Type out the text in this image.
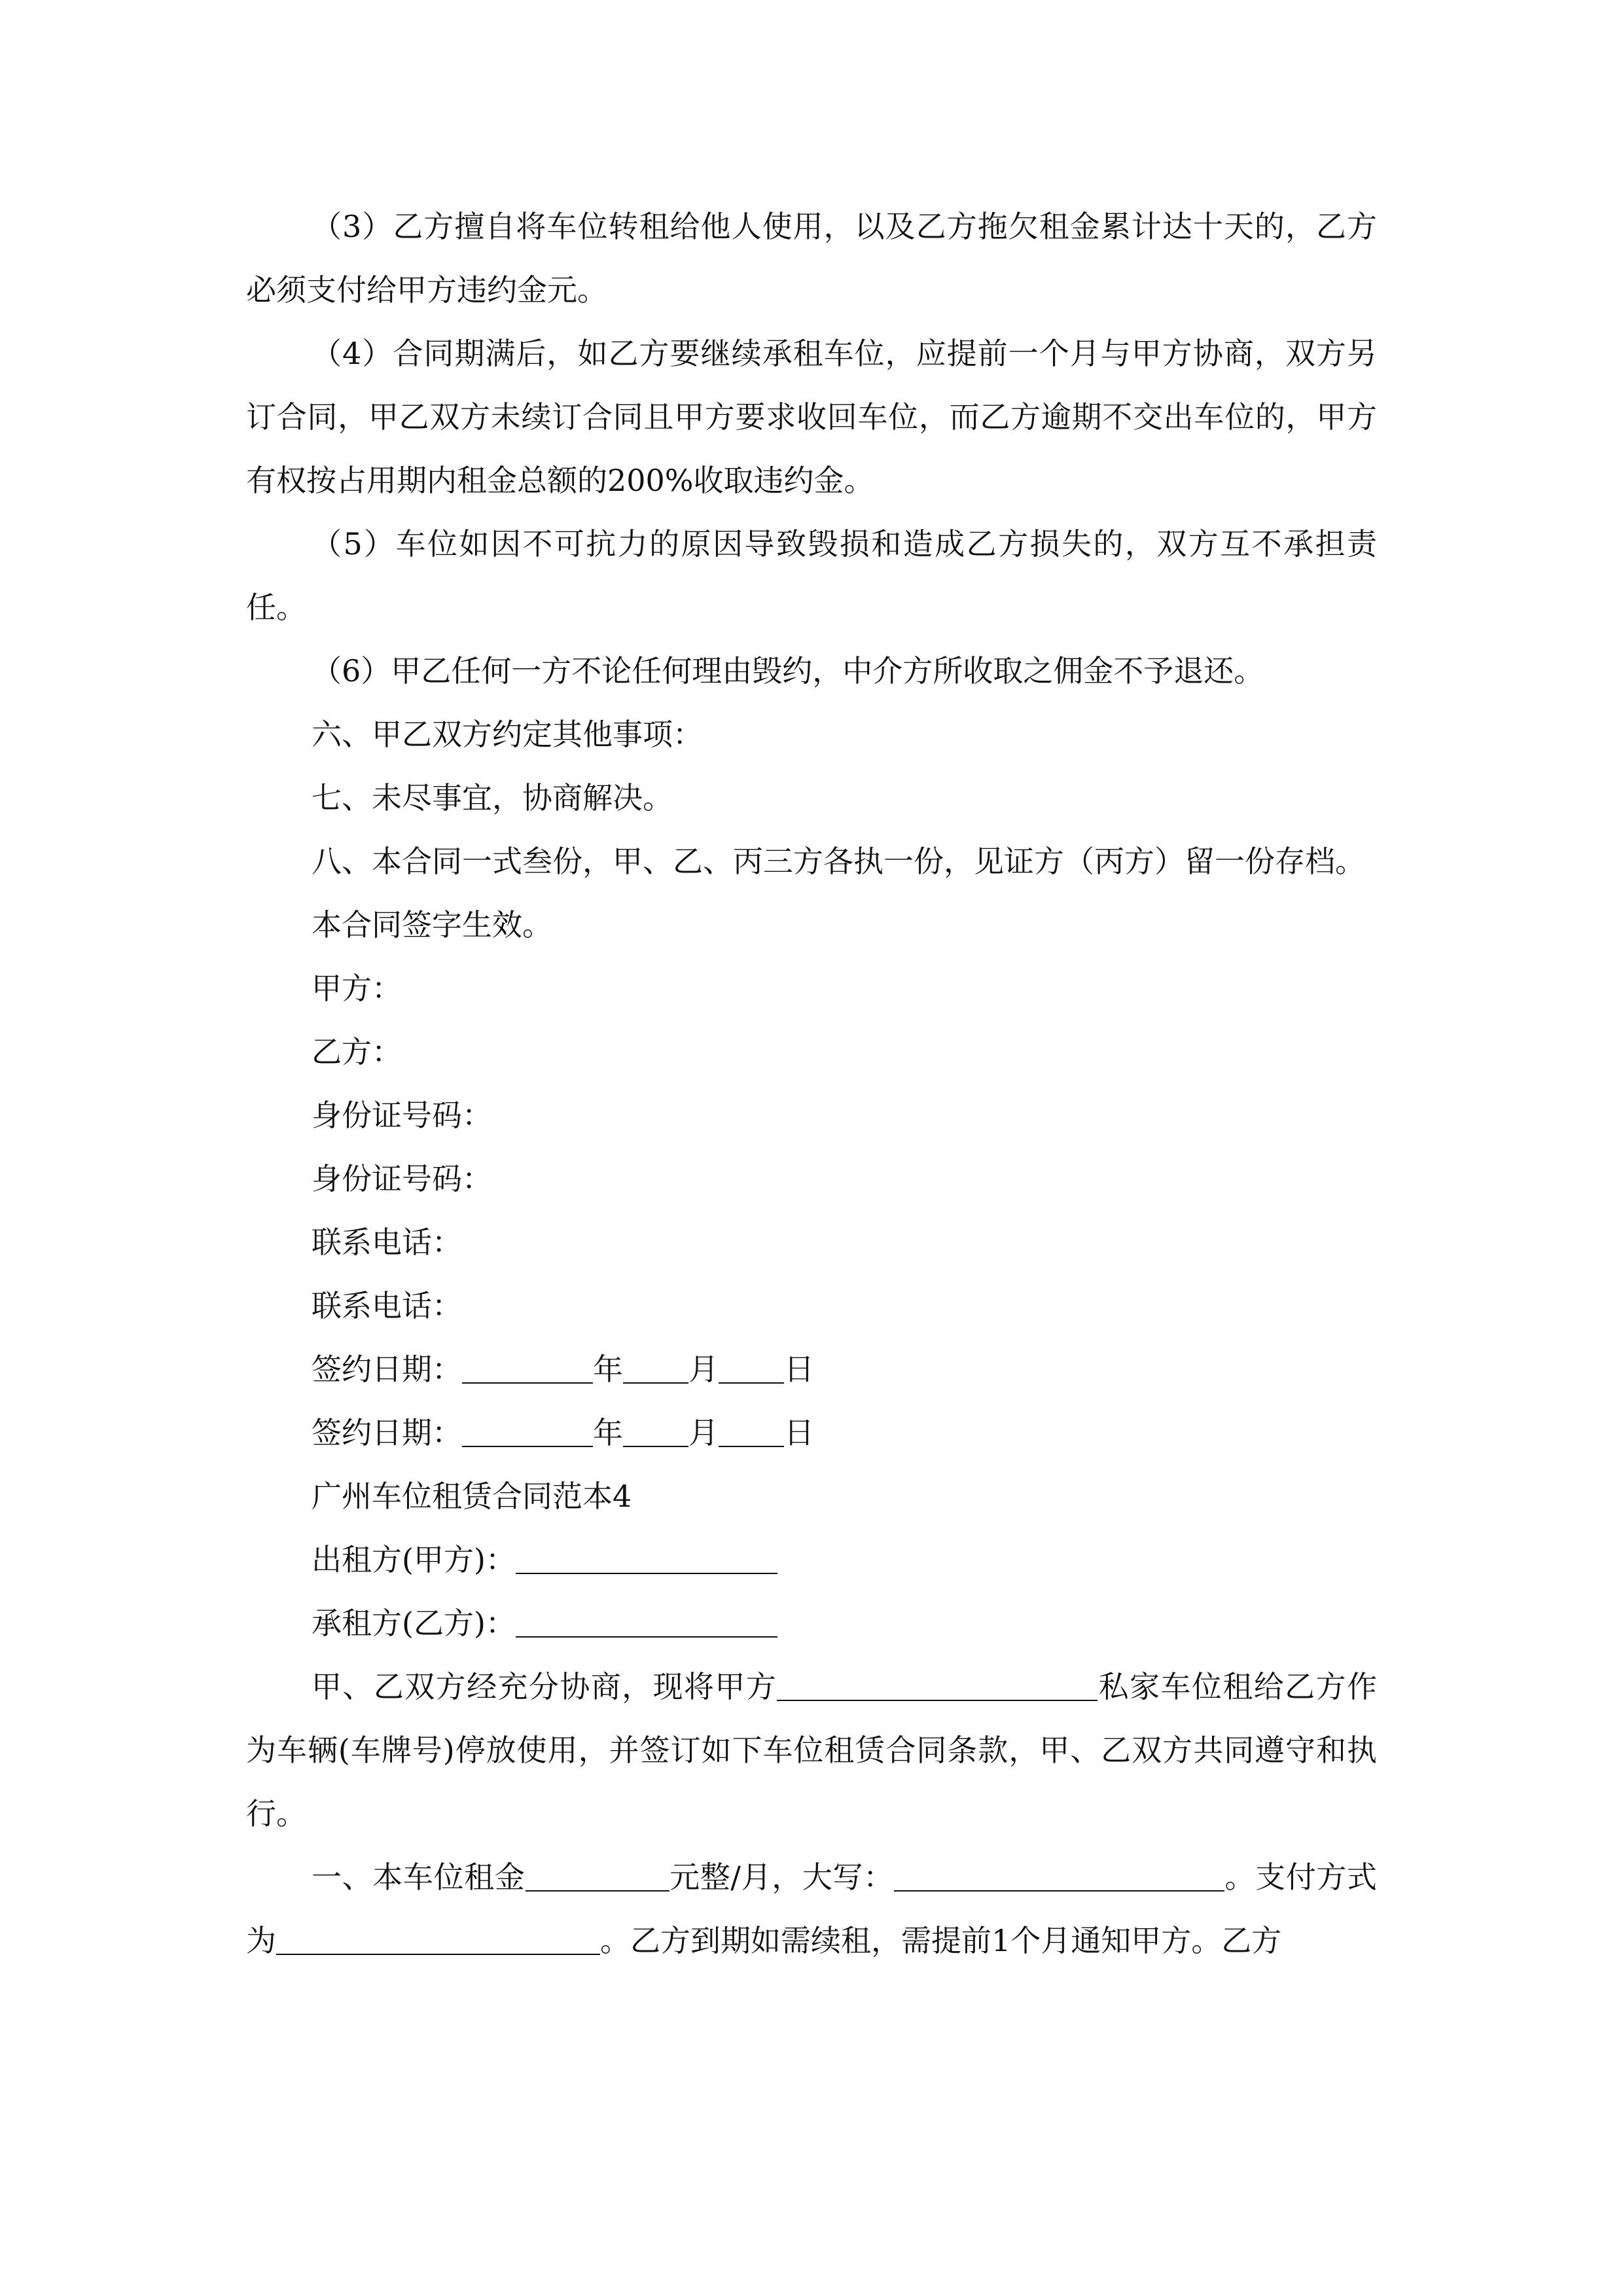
（3）乙方擅自将车位转租给他人使用，以及乙方拖欠租金累计达十天的，乙方必须支付给甲方违约金元。

（4）合同期满后，如乙方要继续承租车位，应提前一个月与甲方协商，双方另订合同，甲乙双方未续订合同且甲方要求收回车位，而乙方逾期不交出车位的，甲方有权按占用期内租金总额的200%收取违约金。

（5）车位如因不可抗力的原因导致毁损和造成乙方损失的，双方互不承担责任。

（6）甲乙任何一方不论任何理由毁约，中介方所收取之佣金不予退还。

六、甲乙双方约定其他事项：

七、未尽事宜，协商解决。

八、本合同一式叁份，甲、乙、丙三方各执一份，见证方（丙方）留一份存档。

本合同签字生效。

甲方：

乙方：

身份证号码：

身份证号码：

联系电话：

联系电话：

签约日期：	年 月 日

签约日期：	年 月 日

广州车位租赁合同范本4

出租方(甲方)：

承租方(乙方)：

甲、乙双方经充分协商，现将甲方	私家车位租给乙方作为车辆(车牌号)停放使用，并签订如下车位租赁合同条款，甲、乙双方共同遵守和执行。

一、本车位租金	元整/月，大写：	。支付方式为	。乙方到期如需续租，需提前1个月通知甲方。乙方
